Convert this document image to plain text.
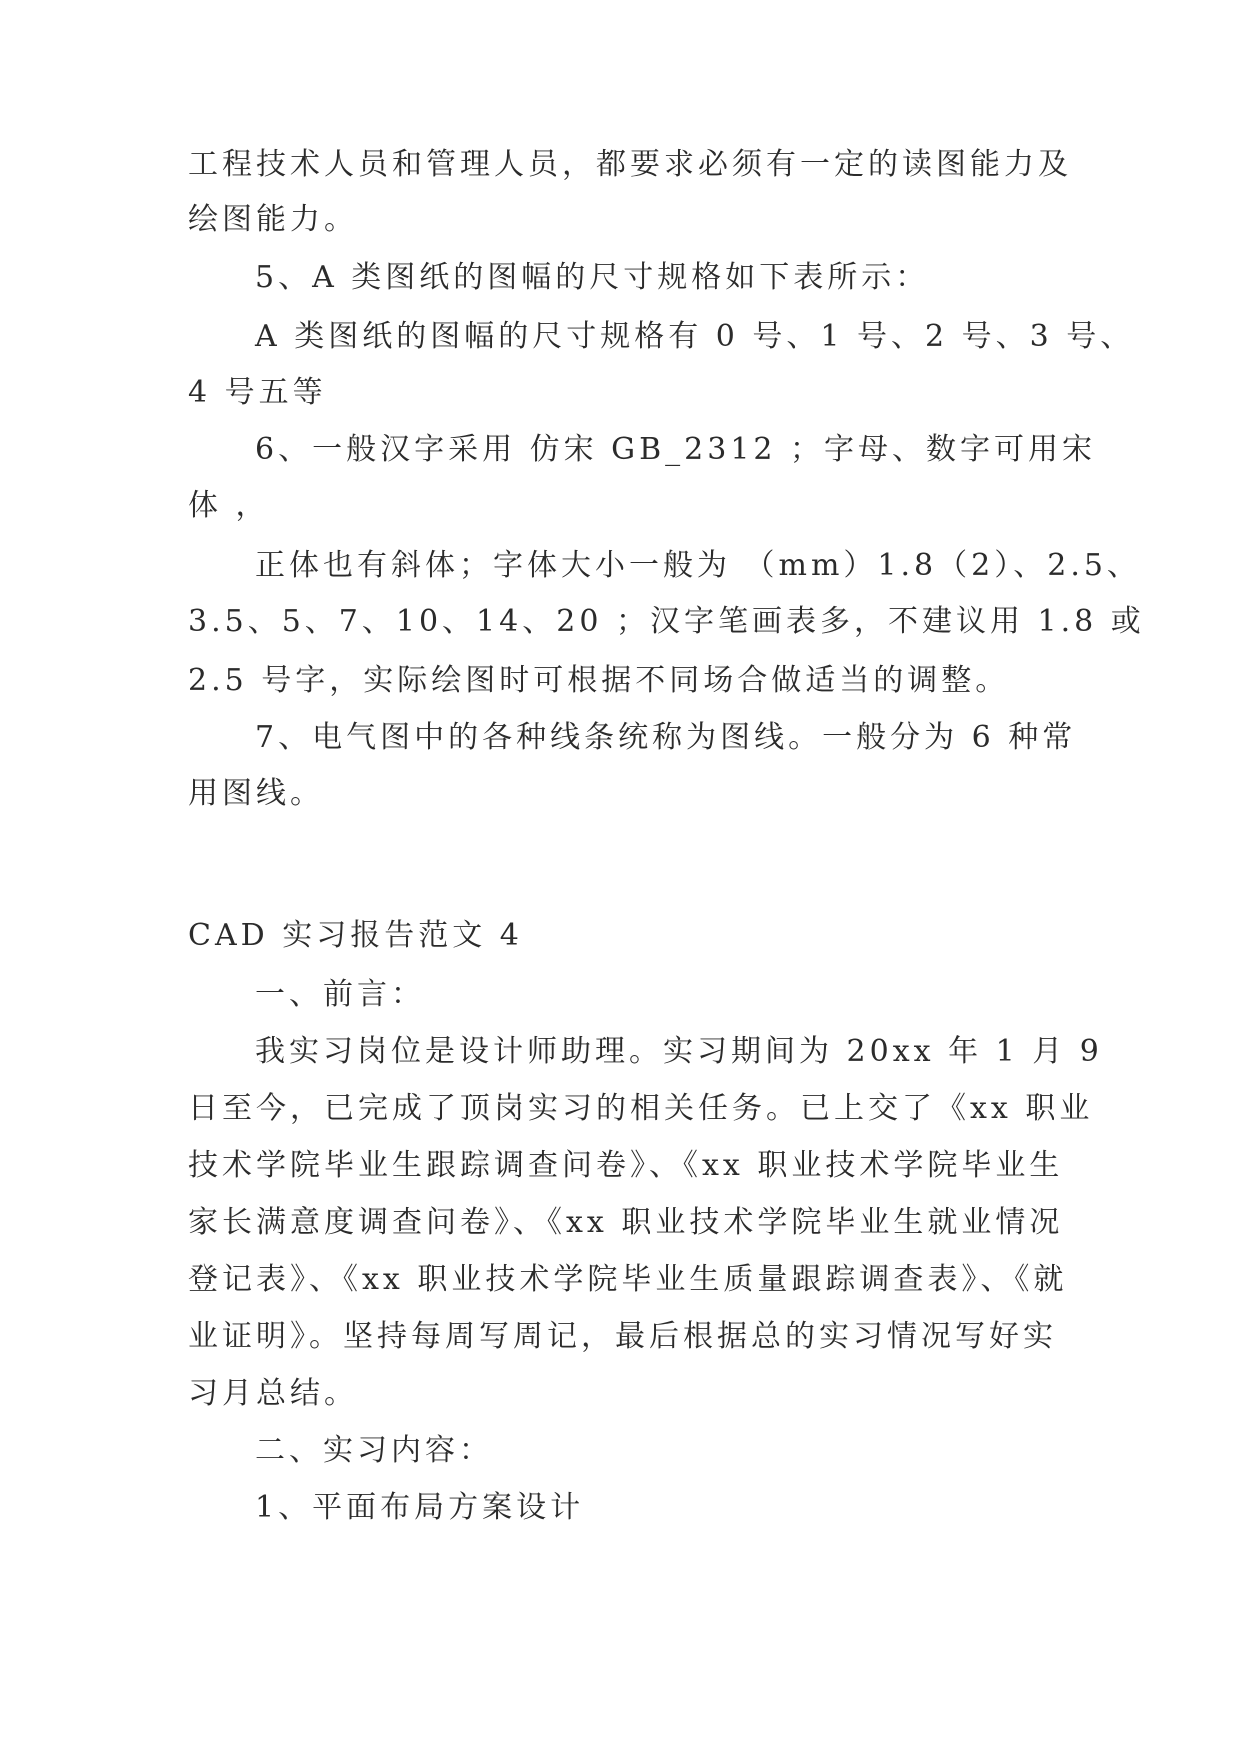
工程技术人员和管理人员，都要求必须有一定的读图能力及
绘图能力。
5、A 类图纸的图幅的尺寸规格如下表所示：
A 类图纸的图幅的尺寸规格有 0 号、1 号、2 号、3 号、
4 号五等
6、一般汉字采用 仿宋 GB_2312 ；字母、数字可用宋
体 ，
正体也有斜体；字体大小一般为 （mm）1.8（2）、2.5、
3.5、5、7、10、14、20 ；汉字笔画表多，不建议用 1.8 或
2.5 号字，实际绘图时可根据不同场合做适当的调整。
7、电气图中的各种线条统称为图线。一般分为 6 种常
用图线。
CAD 实习报告范文 4
一、前言：
我实习岗位是设计师助理。实习期间为 20xx 年 1 月 9
日至今，已完成了顶岗实习的相关任务。已上交了《xx 职业
技术学院毕业生跟踪调查问卷》、《xx 职业技术学院毕业生
家长满意度调查问卷》、《xx 职业技术学院毕业生就业情况
登记表》、《xx 职业技术学院毕业生质量跟踪调查表》、《就
业证明》。坚持每周写周记，最后根据总的实习情况写好实
习月总结。
二、实习内容：
1、平面布局方案设计
